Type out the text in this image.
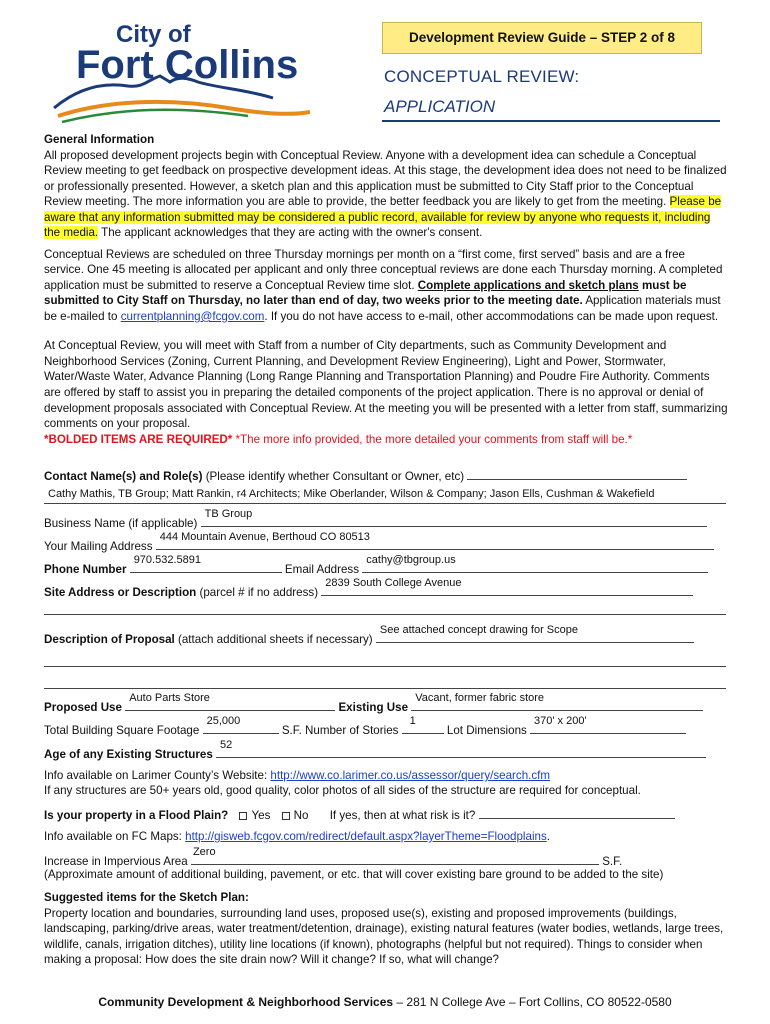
City of
Fort Collins
Development Review Guide – STEP 2 of 8
CONCEPTUAL REVIEW:
APPLICATION

General Information

All proposed development projects begin with Conceptual Review. Anyone with a development idea can schedule a Conceptual Review meeting to get feedback on prospective development ideas. At this stage, the development idea does not need to be finalized or professionally presented. However, a sketch plan and this application must be submitted to City Staff prior to the Conceptual Review meeting. The more information you are able to provide, the better feedback you are likely to get from the meeting. Please be aware that any information submitted may be considered a public record, available for review by anyone who requests it, including the media. The applicant acknowledges that they are acting with the owner's consent.

Conceptual Reviews are scheduled on three Thursday mornings per month on a “first come, first served” basis and are a free service. One 45 meeting is allocated per applicant and only three conceptual reviews are done each Thursday morning. A completed application must be submitted to reserve a Conceptual Review time slot. Complete applications and sketch plans must be submitted to City Staff on Thursday, no later than end of day, two weeks prior to the meeting date. Application materials must be e-mailed to currentplanning@fcgov.com. If you do not have access to e-mail, other accommodations can be made upon request.

At Conceptual Review, you will meet with Staff from a number of City departments, such as Community Development and Neighborhood Services (Zoning, Current Planning, and Development Review Engineering), Light and Power, Stormwater, Water/Waste Water, Advance Planning (Long Range Planning and Transportation Planning) and Poudre Fire Authority. Comments are offered by staff to assist you in preparing the detailed components of the project application. There is no approval or denial of development proposals associated with Conceptual Review. At the meeting you will be presented with a letter from staff, summarizing comments on your proposal.

*BOLDED ITEMS ARE REQUIRED* *The more info provided, the more detailed your comments from staff will be.*

Contact Name(s) and Role(s) (Please identify whether Consultant or Owner, etc)
Cathy Mathis, TB Group; Matt Rankin, r4 Architects; Mike Oberlander, Wilson & Company; Jason Ells, Cushman & Wakefield
Business Name (if applicable)
TB Group
Your Mailing Address
444 Mountain Avenue, Berthoud CO 80513
Phone Number
970.532.5891
Email Address
cathy@tbgroup.us
Site Address or Description (parcel # if no address)
2839 South College Avenue
Description of Proposal (attach additional sheets if necessary)
See attached concept drawing for Scope
Proposed Use
Auto Parts Store
Existing Use
Vacant, former fabric store
Total Building Square Footage
25,000
S.F. Number of Stories
1
Lot Dimensions
370' x 200'
Age of any Existing Structures
52
Info available on Larimer County’s Website: http://www.co.larimer.co.us/assessor/query/search.cfm
If any structures are 50+ years old, good quality, color photos of all sides of the structure are required for conceptual.
Is your property in a Flood Plain? Yes No If yes, then at what risk is it?
Info available on FC Maps: http://gisweb.fcgov.com/redirect/default.aspx?layerTheme=Floodplains.
Increase in Impervious Area
Zero
S.F.
(Approximate amount of additional building, pavement, or etc. that will cover existing bare ground to be added to the site)

Suggested items for the Sketch Plan:

Property location and boundaries, surrounding land uses, proposed use(s), existing and proposed improvements (buildings, landscaping, parking/drive areas, water treatment/detention, drainage), existing natural features (water bodies, wetlands, large trees, wildlife, canals, irrigation ditches), utility line locations (if known), photographs (helpful but not required). Things to consider when making a proposal: How does the site drain now? Will it change? If so, what will change?

Community Development & Neighborhood Services – 281 N College Ave – Fort Collins, CO 80522-0580
